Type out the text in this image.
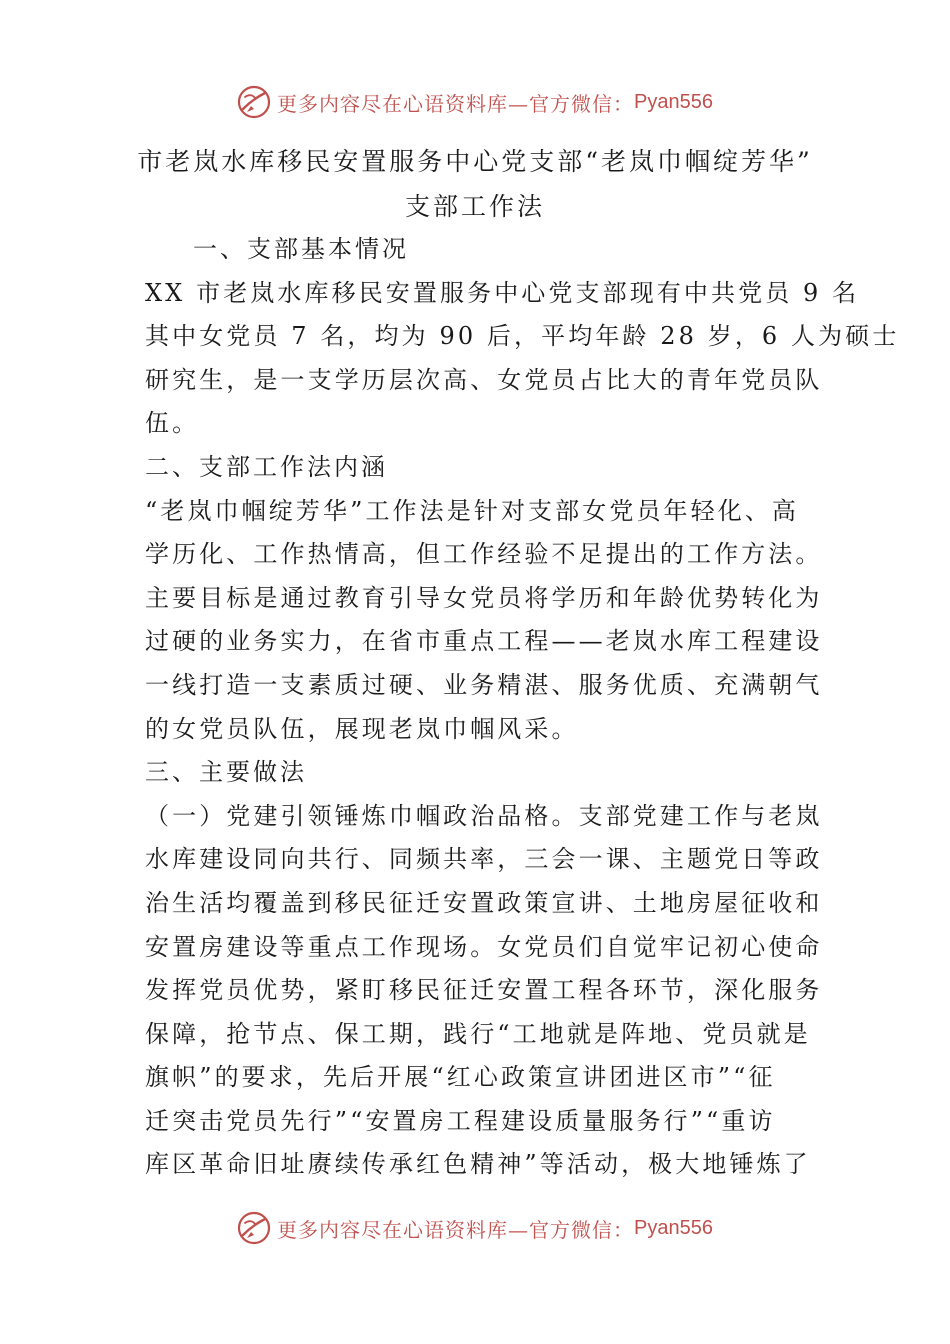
更多内容尽在心语资料库—官方微信： Pyan556
市老岚水库移民安置服务中心党支部“老岚巾帼绽芳华”
支部工作法
一、支部基本情况
XX 市老岚水库移民安置服务中心党支部现有中共党员 9 名
其中女党员 7 名，均为 90 后，平均年龄 28 岁，6 人为硕士
研究生，是一支学历层次高、女党员占比大的青年党员队
伍。
二、支部工作法内涵
“老岚巾帼绽芳华”工作法是针对支部女党员年轻化、高
学历化、工作热情高，但工作经验不足提出的工作方法。
主要目标是通过教育引导女党员将学历和年龄优势转化为
过硬的业务实力，在省市重点工程——老岚水库工程建设
一线打造一支素质过硬、业务精湛、服务优质、充满朝气
的女党员队伍，展现老岚巾帼风采。
三、主要做法
（一）党建引领锤炼巾帼政治品格。支部党建工作与老岚
水库建设同向共行、同频共率，三会一课、主题党日等政
治生活均覆盖到移民征迁安置政策宣讲、土地房屋征收和
安置房建设等重点工作现场。女党员们自觉牢记初心使命
发挥党员优势，紧盯移民征迁安置工程各环节，深化服务
保障，抢节点、保工期，践行“工地就是阵地、党员就是
旗帜”的要求，先后开展“红心政策宣讲团进区市”“征
迁突击党员先行”“安置房工程建设质量服务行”“重访
库区革命旧址赓续传承红色精神”等活动，极大地锤炼了
更多内容尽在心语资料库—官方微信： Pyan556
